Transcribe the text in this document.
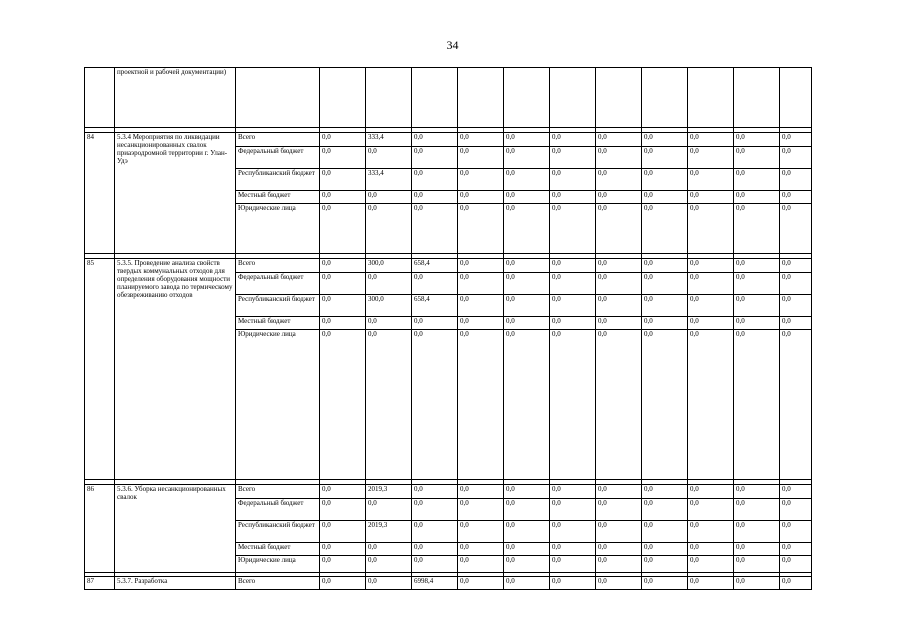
34
	проектной и рабочей документации)												

84	5.3.4 Мероприятия по ликвидации несанкционированных свалок приаэродромной территории г. Улан-Удэ	Всего	0,0	333,4	0,0	0,0	0,0	0,0	0,0	0,0	0,0	0,0	0,0
		Федеральный бюджет	0,0	0,0	0,0	0,0	0,0	0,0	0,0	0,0	0,0	0,0	0,0
		Республиканский бюджет	0,0	333,4	0,0	0,0	0,0	0,0	0,0	0,0	0,0	0,0	0,0
		Местный бюджет	0,0	0,0	0,0	0,0	0,0	0,0	0,0	0,0	0,0	0,0	0,0
		Юридические лица	0,0	0,0	0,0	0,0	0,0	0,0	0,0	0,0	0,0	0,0	0,0

85	5.3.5. Проведение анализа свойств твердых коммунальных отходов для определения оборудования мощности планируемого завода по термическому обезвреживанию отходов	Всего	0,0	300,0	658,4	0,0	0,0	0,0	0,0	0,0	0,0	0,0	0,0
		Федеральный бюджет	0,0	0,0	0,0	0,0	0,0	0,0	0,0	0,0	0,0	0,0	0,0
		Республиканский бюджет	0,0	300,0	658,4	0,0	0,0	0,0	0,0	0,0	0,0	0,0	0,0
		Местный бюджет	0,0	0,0	0,0	0,0	0,0	0,0	0,0	0,0	0,0	0,0	0,0
		Юридические лица	0,0	0,0	0,0	0,0	0,0	0,0	0,0	0,0	0,0	0,0	0,0

86	5.3.6. Уборка несанкционированных свалок	Всего	0,0	2019,3	0,0	0,0	0,0	0,0	0,0	0,0	0,0	0,0	0,0
		Федеральный бюджет	0,0	0,0	0,0	0,0	0,0	0,0	0,0	0,0	0,0	0,0	0,0
		Республиканский бюджет	0,0	2019,3	0,0	0,0	0,0	0,0	0,0	0,0	0,0	0,0	0,0
		Местный бюджет	0,0	0,0	0,0	0,0	0,0	0,0	0,0	0,0	0,0	0,0	0,0
		Юридические лица	0,0	0,0	0,0	0,0	0,0	0,0	0,0	0,0	0,0	0,0	0,0

87	5.3.7. Разработка	Всего	0,0	0,0	6998,4	0,0	0,0	0,0	0,0	0,0	0,0	0,0	0,0
